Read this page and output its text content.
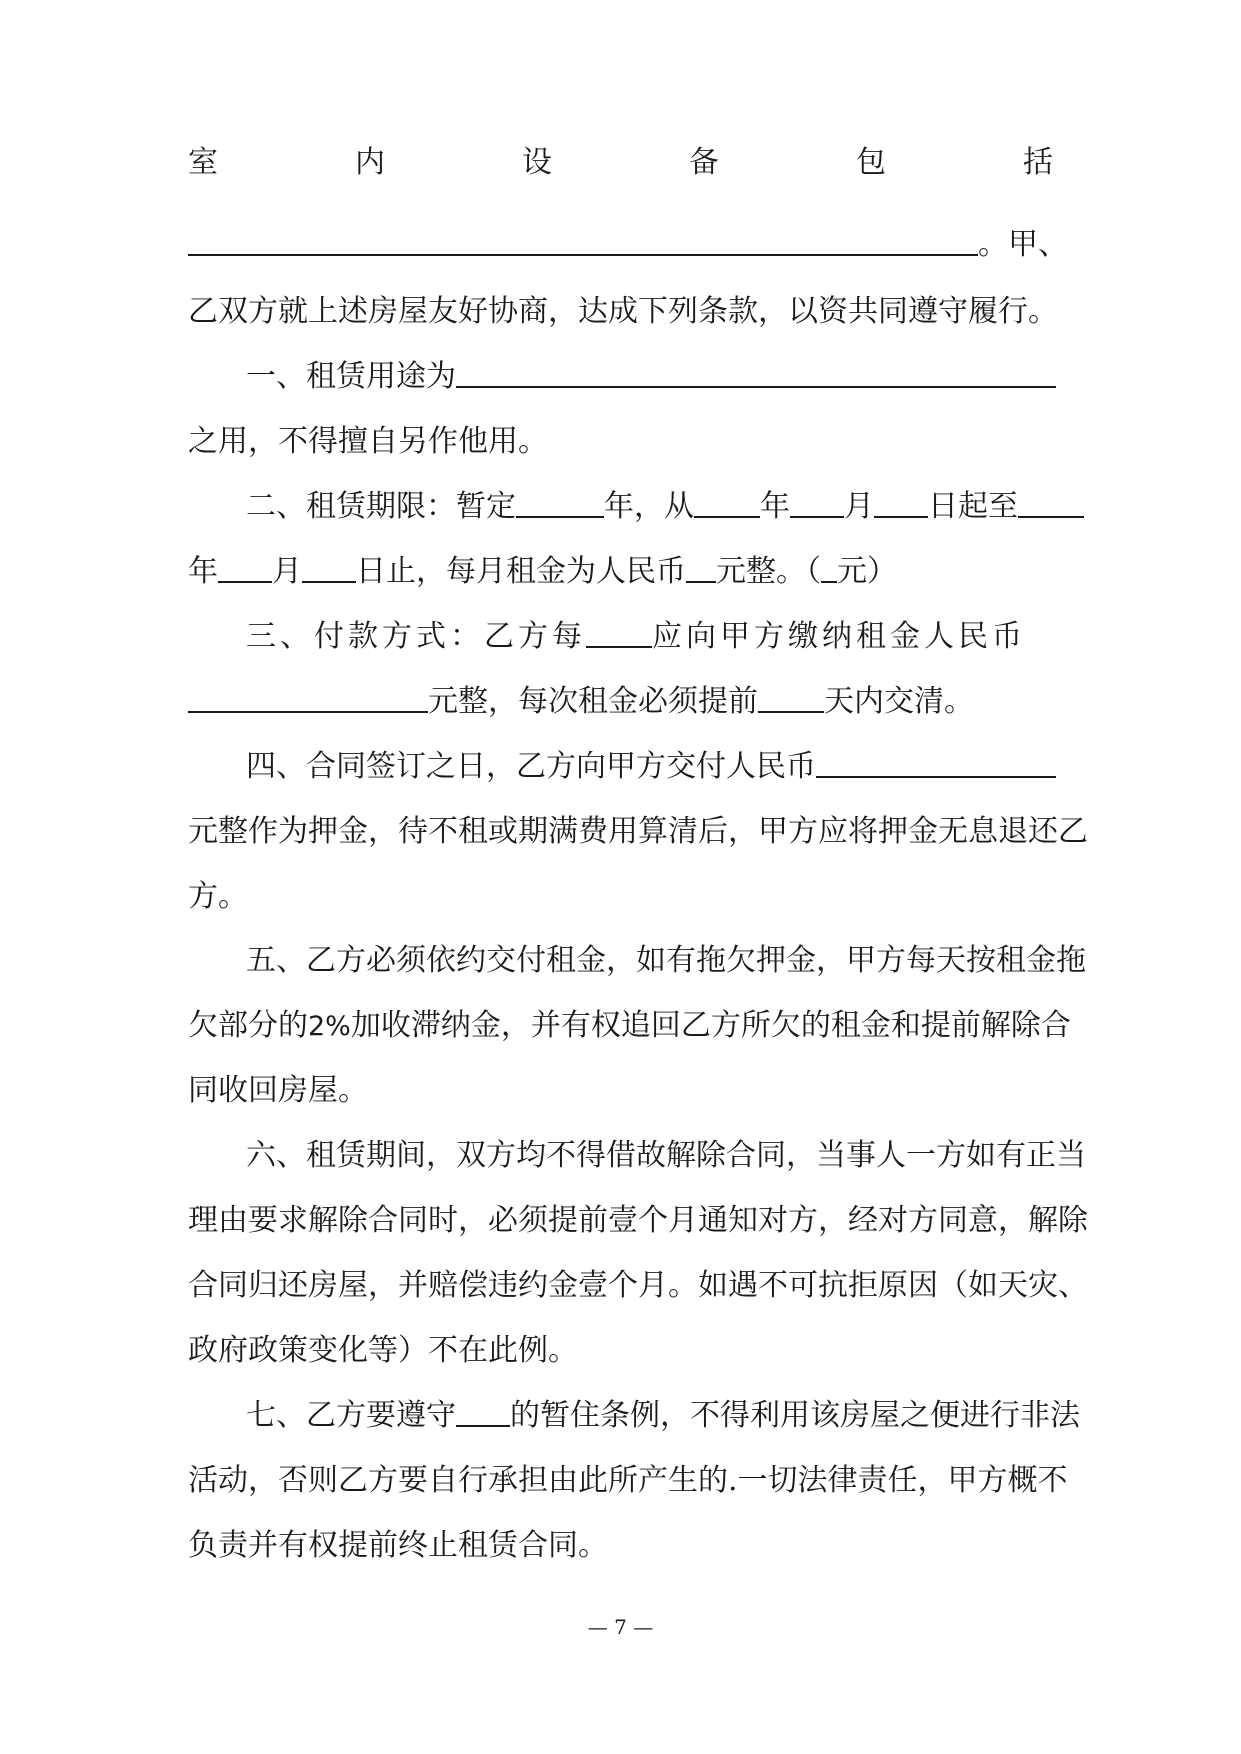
室	内	设	备	包	括
。甲、
乙双方就上述房屋友好协商，达成下列条款，以资共同遵守履行。
一、租赁用途为
之用，不得擅自另作他用。
二、租赁期限：暂定	年，从 年 月 日起至
年 月 日止，每月租金为人民币 元整。（ 元）
三、付款方式：乙方每 应向甲方缴纳租金人民币
元整，每次租金必须提前 天内交清。
四、合同签订之日，乙方向甲方交付人民币
元整作为押金，待不租或期满费用算清后，甲方应将押金无息退还乙
方。
五、乙方必须依约交付租金，如有拖欠押金，甲方每天按租金拖
欠部分的2%加收滞纳金，并有权追回乙方所欠的租金和提前解除合
同收回房屋。
六、租赁期间，双方均不得借故解除合同，当事人一方如有正当
理由要求解除合同时，必须提前壹个月通知对方，经对方同意，解除
合同归还房屋，并赔偿违约金壹个月。如遇不可抗拒原因（如天灾、
政府政策变化等）不在此例。
七、乙方要遵守 的暂住条例，不得利用该房屋之便进行非法
活动，否则乙方要自行承担由此所产生的.一切法律责任，甲方概不
负责并有权提前终止租赁合同。
— 7 —
